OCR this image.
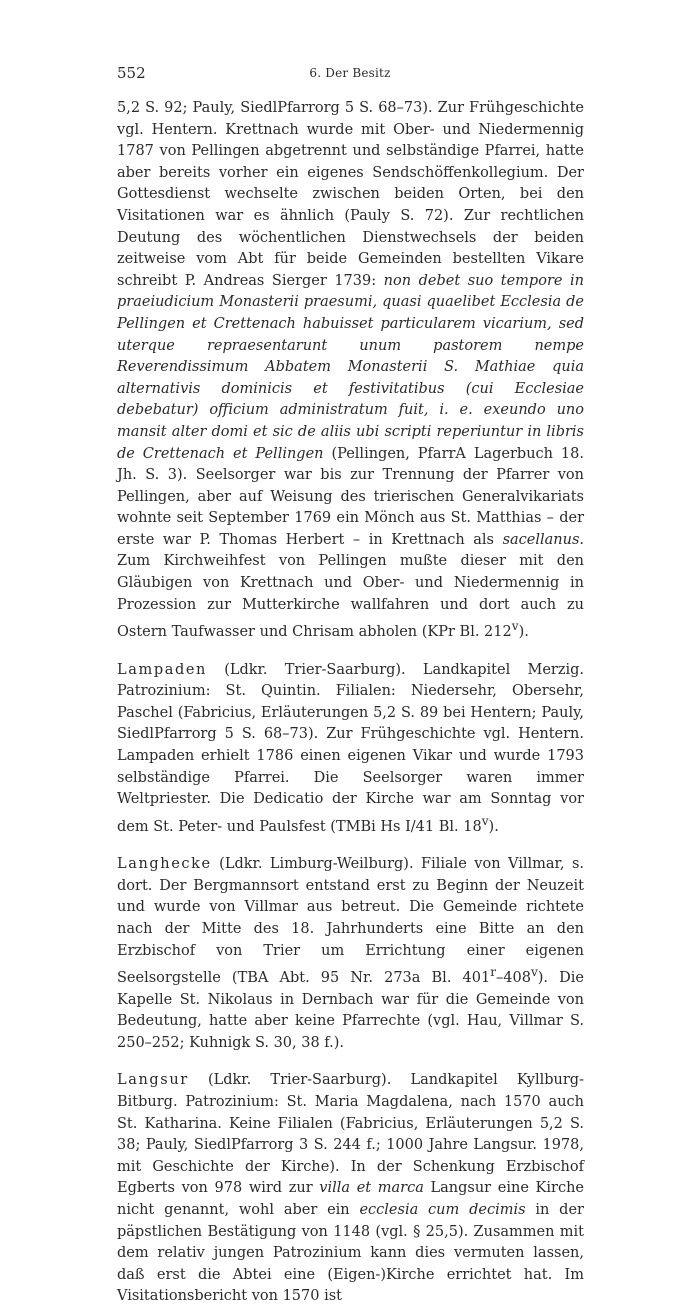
552	6. Der Besitz

5,2 S. 92; Pauly, SiedlPfarrorg 5 S. 68–73). Zur Frühgeschichte vgl. Hentern. Krettnach wurde mit Ober- und Niedermennig 1787 von Pellingen abgetrennt und selbständige Pfarrei, hatte aber bereits vorher ein eigenes Sendschöffenkollegium. Der Gottesdienst wechselte zwischen beiden Orten, bei den Visitationen war es ähnlich (Pauly S. 72). Zur rechtlichen Deutung des wöchentlichen Dienstwechsels der beiden zeitweise vom Abt für beide Gemeinden bestellten Vikare schreibt P. Andreas Sierger 1739: non debet suo tempore in praeiudicium Monasterii praesumi, quasi quaelibet Ecclesia de Pellingen et Crettenach habuisset particularem vicarium, sed uterque repraesentarunt unum pastorem nempe Reverendissimum Abbatem Monasterii S. Mathiae quia alternativis dominicis et festivitatibus (cui Ecclesiae debebatur) officium administratum fuit, i. e. exeundo uno mansit alter domi et sic de aliis ubi scripti reperiuntur in libris de Crettenach et Pellingen (Pellingen, PfarrA Lagerbuch 18. Jh. S. 3). Seelsorger war bis zur Trennung der Pfarrer von Pellingen, aber auf Weisung des trierischen Generalvikariats wohnte seit September 1769 ein Mönch aus St. Matthias – der erste war P. Thomas Herbert – in Krettnach als sacellanus. Zum Kirchweihfest von Pellingen mußte dieser mit den Gläubigen von Krettnach und Ober- und Niedermennig in Prozession zur Mutterkirche wallfahren und dort auch zu Ostern Taufwasser und Chrisam abholen (KPr Bl. 212$^v$).

Lampaden (Ldkr. Trier-Saarburg). Landkapitel Merzig. Patrozinium: St. Quintin. Filialen: Niedersehr, Obersehr, Paschel (Fabricius, Erläuterungen 5,2 S. 89 bei Hentern; Pauly, SiedlPfarrorg 5 S. 68–73). Zur Frühgeschichte vgl. Hentern. Lampaden erhielt 1786 einen eigenen Vikar und wurde 1793 selbständige Pfarrei. Die Seelsorger waren immer Weltpriester. Die Dedicatio der Kirche war am Sonntag vor dem St. Peter- und Paulsfest (TMBi Hs I/41 Bl. 18$^v$).

Langhecke (Ldkr. Limburg-Weilburg). Filiale von Villmar, s. dort. Der Bergmannsort entstand erst zu Beginn der Neuzeit und wurde von Villmar aus betreut. Die Gemeinde richtete nach der Mitte des 18. Jahrhunderts eine Bitte an den Erzbischof von Trier um Errichtung einer eigenen Seelsorgstelle (TBA Abt. 95 Nr. 273a Bl. 401$^r$–408$^v$). Die Kapelle St. Nikolaus in Dernbach war für die Gemeinde von Bedeutung, hatte aber keine Pfarrechte (vgl. Hau, Villmar S. 250–252; Kuhnigk S. 30, 38 f.).

Langsur (Ldkr. Trier-Saarburg). Landkapitel Kyllburg-Bitburg. Patrozinium: St. Maria Magdalena, nach 1570 auch St. Katharina. Keine Filialen (Fabricius, Erläuterungen 5,2 S. 38; Pauly, SiedlPfarrorg 3 S. 244 f.; 1000 Jahre Langsur. 1978, mit Geschichte der Kirche). In der Schenkung Erzbischof Egberts von 978 wird zur villa et marca Langsur eine Kirche nicht genannt, wohl aber ein ecclesia cum decimis in der päpstlichen Bestätigung von 1148 (vgl. § 25,5). Zusammen mit dem relativ jungen Patrozinium kann dies vermuten lassen, daß erst die Abtei eine (Eigen-)Kirche errichtet hat. Im Visitationsbericht von 1570 ist
